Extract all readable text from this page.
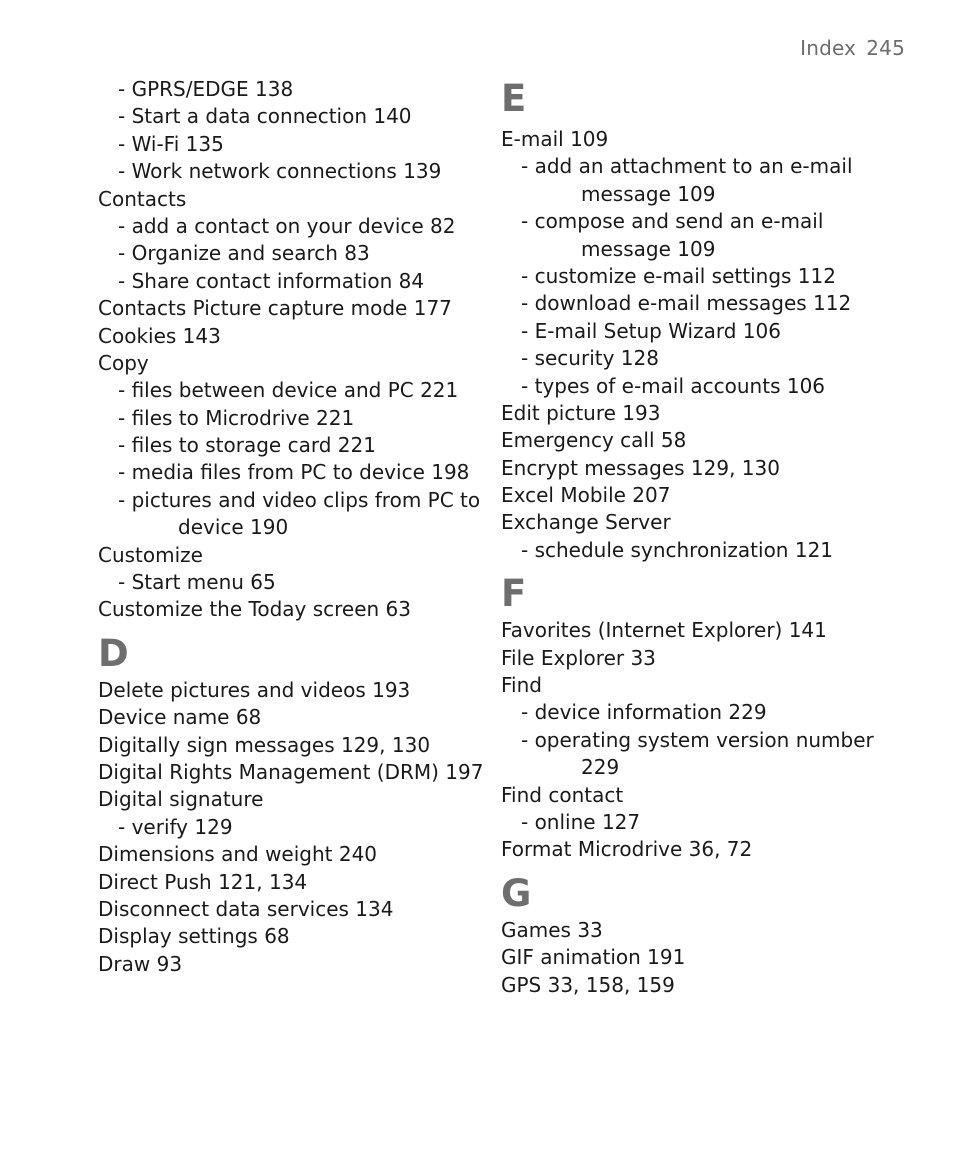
Index 245
- GPRS/EDGE 138
- Start a data connection 140
- Wi-Fi 135
- Work network connections 139
Contacts
- add a contact on your device 82
- Organize and search 83
- Share contact information 84
Contacts Picture capture mode 177
Cookies 143
Copy
- files between device and PC 221
- files to Microdrive 221
- files to storage card 221
- media files from PC to device 198
- pictures and video clips from PC to
device 190
Customize
- Start menu 65
Customize the Today screen 63
D
Delete pictures and videos 193
Device name 68
Digitally sign messages 129, 130
Digital Rights Management (DRM) 197
Digital signature
- verify 129
Dimensions and weight 240
Direct Push 121, 134
Disconnect data services 134
Display settings 68
Draw 93
E
E-mail 109
- add an attachment to an e-mail
message 109
- compose and send an e-mail
message 109
- customize e-mail settings 112
- download e-mail messages 112
- E-mail Setup Wizard 106
- security 128
- types of e-mail accounts 106
Edit picture 193
Emergency call 58
Encrypt messages 129, 130
Excel Mobile 207
Exchange Server
- schedule synchronization 121
F
Favorites (Internet Explorer) 141
File Explorer 33
Find
- device information 229
- operating system version number
229
Find contact
- online 127
Format Microdrive 36, 72
G
Games 33
GIF animation 191
GPS 33, 158, 159
